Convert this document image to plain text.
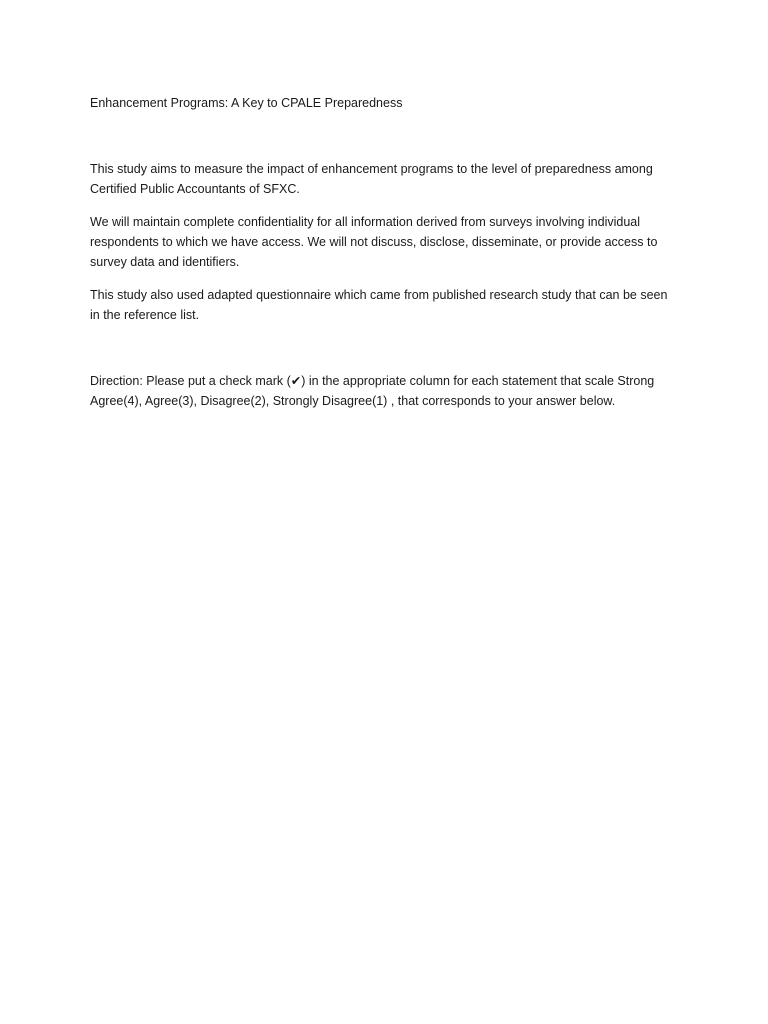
Enhancement Programs: A Key to CPALE Preparedness

This study aims to measure the impact of enhancement programs to the level of preparedness among Certified Public Accountants of SFXC.

We will maintain complete confidentiality for all information derived from surveys involving individual respondents to which we have access. We will not discuss, disclose, disseminate, or provide access to survey data and identifiers.

This study also used adapted questionnaire which came from published research study that can be seen in the reference list.

Direction: Please put a check mark (✔) in the appropriate column for each statement that scale Strong Agree(4), Agree(3), Disagree(2), Strongly Disagree(1) , that corresponds to your answer below.
